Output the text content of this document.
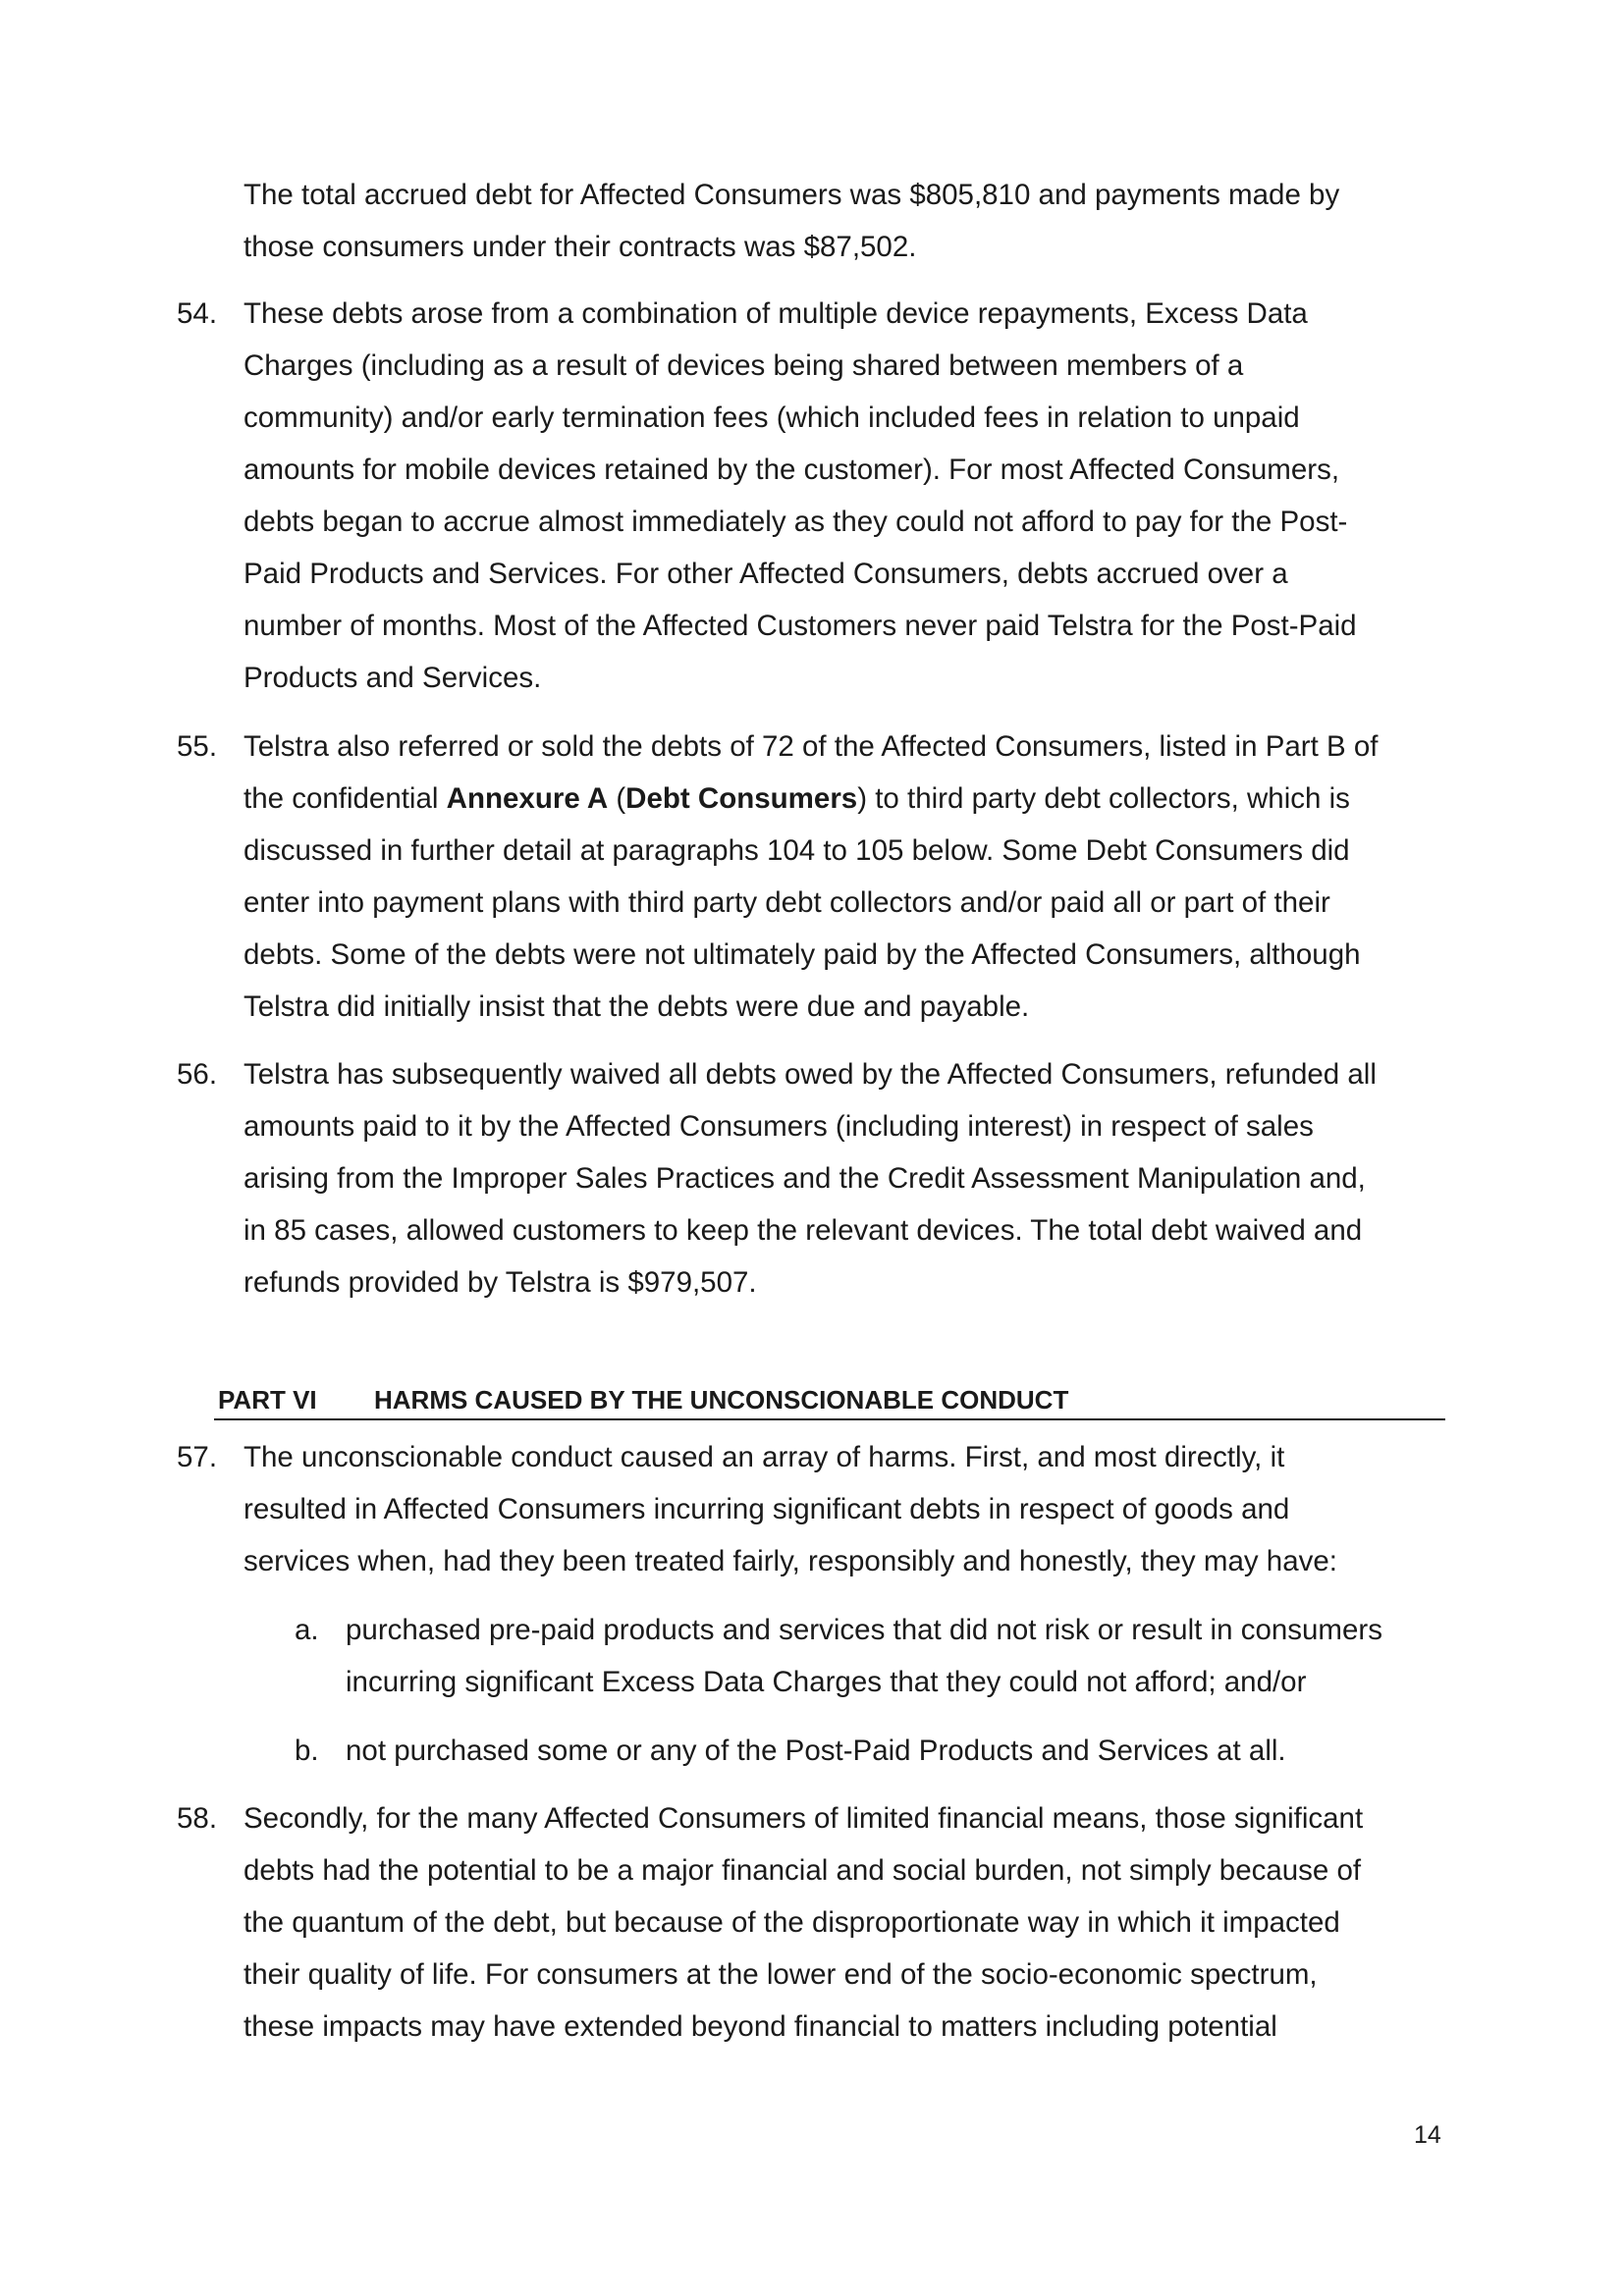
The total accrued debt for Affected Consumers was $805,810 and payments made by
those consumers under their contracts was $87,502.
54. These debts arose from a combination of multiple device repayments, Excess Data
Charges (including as a result of devices being shared between members of a
community) and/or early termination fees (which included fees in relation to unpaid
amounts for mobile devices retained by the customer). For most Affected Consumers,
debts began to accrue almost immediately as they could not afford to pay for the Post-
Paid Products and Services. For other Affected Consumers, debts accrued over a
number of months. Most of the Affected Customers never paid Telstra for the Post-Paid
Products and Services.
55. Telstra also referred or sold the debts of 72 of the Affected Consumers, listed in Part B of
the confidential Annexure A (Debt Consumers) to third party debt collectors, which is
discussed in further detail at paragraphs 104 to 105 below. Some Debt Consumers did
enter into payment plans with third party debt collectors and/or paid all or part of their
debts. Some of the debts were not ultimately paid by the Affected Consumers, although
Telstra did initially insist that the debts were due and payable.
56. Telstra has subsequently waived all debts owed by the Affected Consumers, refunded all
amounts paid to it by the Affected Consumers (including interest) in respect of sales
arising from the Improper Sales Practices and the Credit Assessment Manipulation and,
in 85 cases, allowed customers to keep the relevant devices. The total debt waived and
refunds provided by Telstra is $979,507.
PART VI HARMS CAUSED BY THE UNCONSCIONABLE CONDUCT
57. The unconscionable conduct caused an array of harms. First, and most directly, it
resulted in Affected Consumers incurring significant debts in respect of goods and
services when, had they been treated fairly, responsibly and honestly, they may have:
a. purchased pre-paid products and services that did not risk or result in consumers
incurring significant Excess Data Charges that they could not afford; and/or
b. not purchased some or any of the Post-Paid Products and Services at all.
58. Secondly, for the many Affected Consumers of limited financial means, those significant
debts had the potential to be a major financial and social burden, not simply because of
the quantum of the debt, but because of the disproportionate way in which it impacted
their quality of life. For consumers at the lower end of the socio-economic spectrum,
these impacts may have extended beyond financial to matters including potential
14
